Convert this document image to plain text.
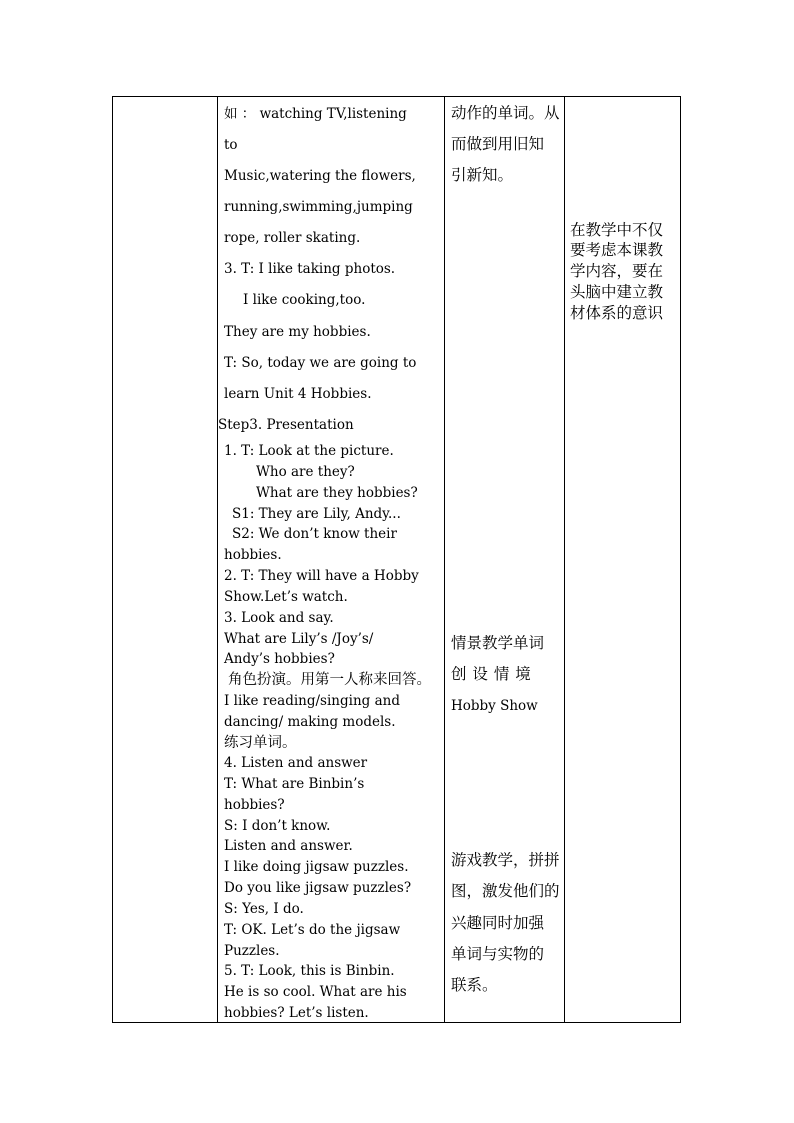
如 ： watching TV,listening
to
Music,watering the flowers,
running,swimming,jumping
rope, roller skating.
3. T: I like taking photos.
I like cooking,too.
They are my hobbies.
T: So, today we are going to
learn Unit 4 Hobbies.
Step3. Presentation
1. T: Look at the picture.
Who are they?
What are they hobbies?
S1: They are Lily, Andy...
S2: We don’t know their
hobbies.
2. T: They will have a Hobby
Show.Let’s watch.
3. Look and say.
What are Lily’s /Joy’s/
Andy’s hobbies?
角色扮演。用第一人称来回答。
I like reading/singing and
dancing/ making models.
练习单词。
4. Listen and answer
T: What are Binbin’s
hobbies?
S: I don’t know.
Listen and answer.
I like doing jigsaw puzzles.
Do you like jigsaw puzzles?
S: Yes, I do.
T: OK. Let’s do the jigsaw
Puzzles.
5. T: Look, this is Binbin.
He is so cool. What are his
hobbies? Let’s listen.
动作的单词。从
而做到用旧知
引新知。
情景教学单词
创 设 情 境
Hobby Show
游戏教学，拼拼
图，激发他们的
兴趣同时加强
单词与实物的
联系。
在教学中不仅
要考虑本课教
学内容，要在
头脑中建立教
材体系的意识
